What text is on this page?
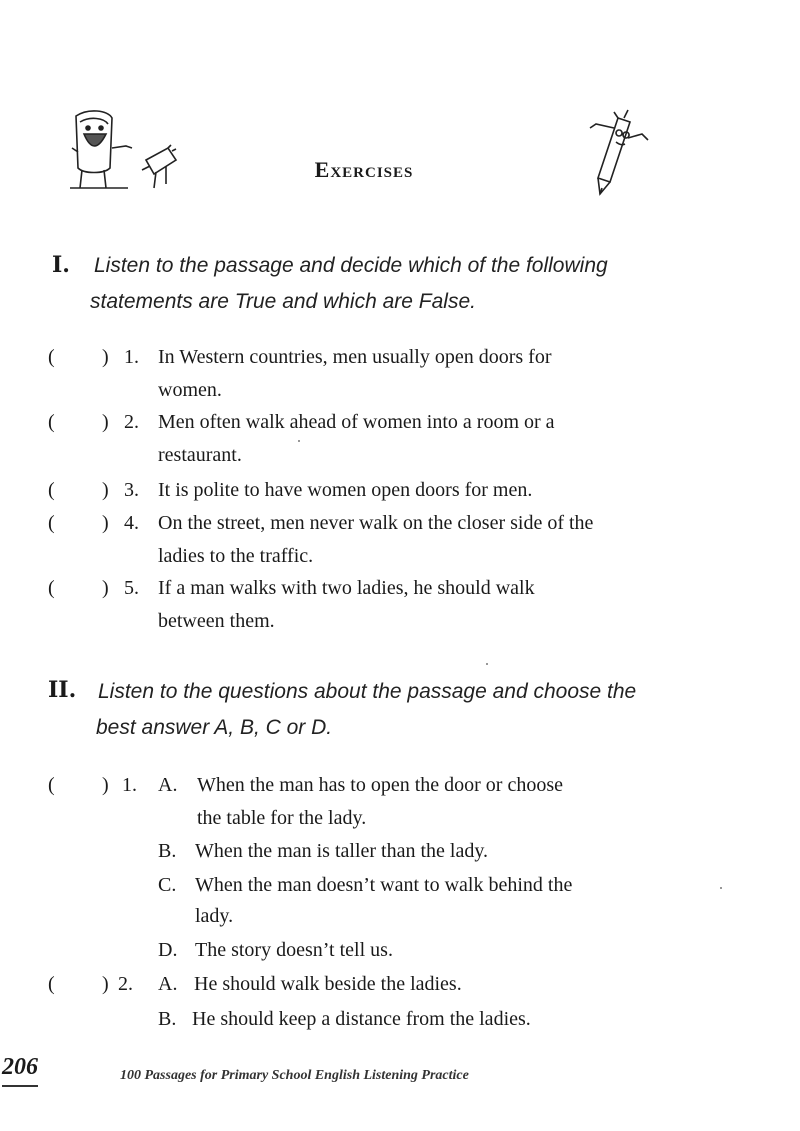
Exercises
I. Listen to the passage and decide which of the following
statements are True and which are False.
( ) 1. In Western countries, men usually open doors for
women.
( ) 2. Men often walk ahead of women into a room or a
restaurant.
( ) 3. It is polite to have women open doors for men.
( ) 4. On the street, men never walk on the closer side of the
ladies to the traffic.
( ) 5. If a man walks with two ladies, he should walk
between them.
II. Listen to the questions about the passage and choose the
best answer A, B, C or D.
( ) 1.	A. When the man has to open the door or choose
the table for the lady.
B. When the man is taller than the lady.
C. When the man doesn’t want to walk behind the
lady.
D. The story doesn’t tell us.
( ) 2.	A. He should walk beside the ladies.
B. He should keep a distance from the ladies.
206	100 Passages for Primary School English Listening Practice
